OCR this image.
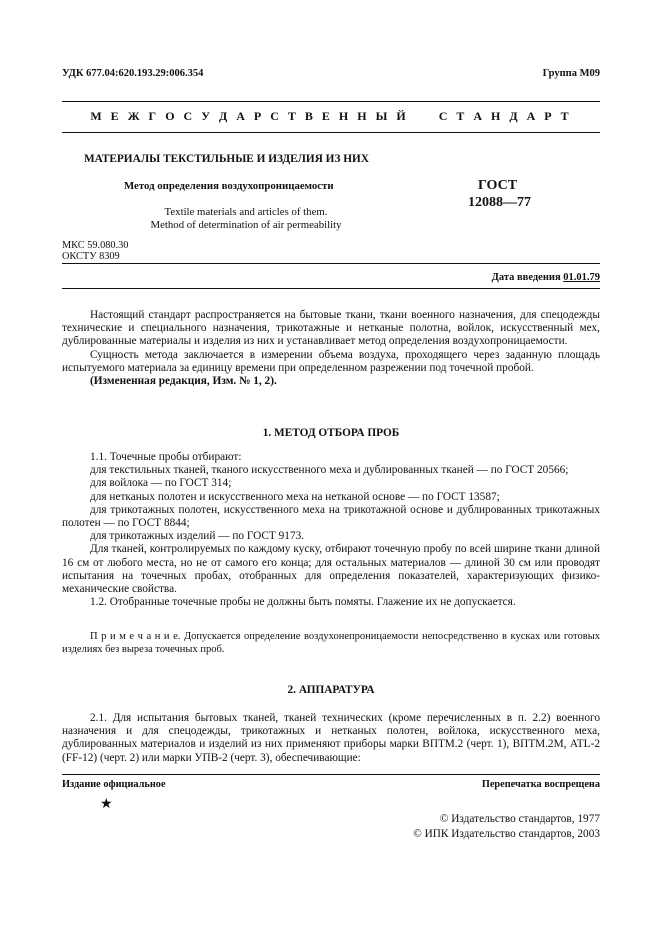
УДК 677.04:620.193.29:006.354	Группа М09
М Е Ж Г О С У Д А Р С Т В Е Н Н Ы Й     С Т А Н Д А Р Т
МАТЕРИАЛЫ ТЕКСТИЛЬНЫЕ И ИЗДЕЛИЯ ИЗ НИХ
Метод определения воздухопроницаемости
Textile materials and articles of them.
Method of determination of air permeability
ГОСТ
12088—77
МКС 59.080.30
ОКСТУ 8309
Дата введения 01.01.79

Настоящий стандарт распространяется на бытовые ткани, ткани военного назначения, для спецодежды технические и специального назначения, трикотажные и нетканые полотна, войлок, искусственный мех, дублированные материалы и изделия из них и устанавливает метод определения воздухопроницаемости.

Сущность метода заключается в измерении объема воздуха, проходящего через заданную площадь испытуемого материала за единицу времени при определенном разрежении под точечной пробой.

(Измененная редакция, Изм. № 1, 2).

1. МЕТОД ОТБОРА ПРОБ

1.1. Точечные пробы отбирают:

для текстильных тканей, тканого искусственного меха и дублированных тканей — по ГОСТ 20566;

для войлока — по ГОСТ 314;

для нетканых полотен и искусственного меха на нетканой основе — по ГОСТ 13587;

для трикотажных полотен, искусственного меха на трикотажной основе и дублированных трикотажных полотен — по ГОСТ 8844;

для трикотажных изделий — по ГОСТ 9173.

Для тканей, контролируемых по каждому куску, отбирают точечную пробу по всей ширине ткани длиной 16 см от любого места, но не от самого его конца; для остальных материалов — длиной 30 см или проводят испытания на точечных пробах, отобранных для определения показателей, характеризующих физико-механические свойства.

1.2. Отобранные точечные пробы не должны быть помяты. Глажение их не допускается.

П р и м е ч а н и е. Допускается определение воздухонепроницаемости непосредственно в кусках или готовых изделиях без выреза точечных проб.

2. АППАРАТУРА

2.1. Для испытания бытовых тканей, тканей технических (кроме перечисленных в п. 2.2) военного назначения и для спецодежды, трикотажных и нетканых полотен, войлока, искусственного меха, дублированных материалов и изделий из них применяют приборы марки ВПТМ.2 (черт. 1), ВПТМ.2М, ATL-2 (FF-12) (черт. 2) или марки УПВ-2 (черт. 3), обеспечивающие:

Издание официальное	Перепечатка воспрещена
★
© Издательство стандартов, 1977
© ИПК Издательство стандартов, 2003
